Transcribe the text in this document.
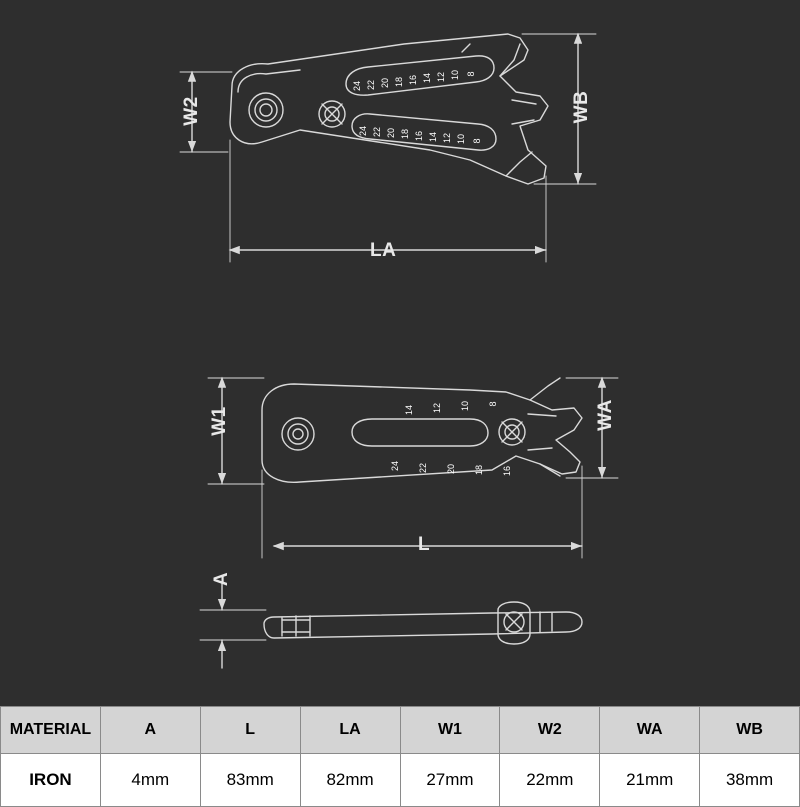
24 22 20 18 16 14 12 10 8
24 22 20 18 16 14 12 10 8
14 12 10 8
24 22 20 18 16
W2	WB
LA
W1	WA
L
A
MATERIAL	A	L	LA	W1	W2	WA	WB
IRON	4mm	83mm	82mm	27mm	22mm	21mm	38mm
